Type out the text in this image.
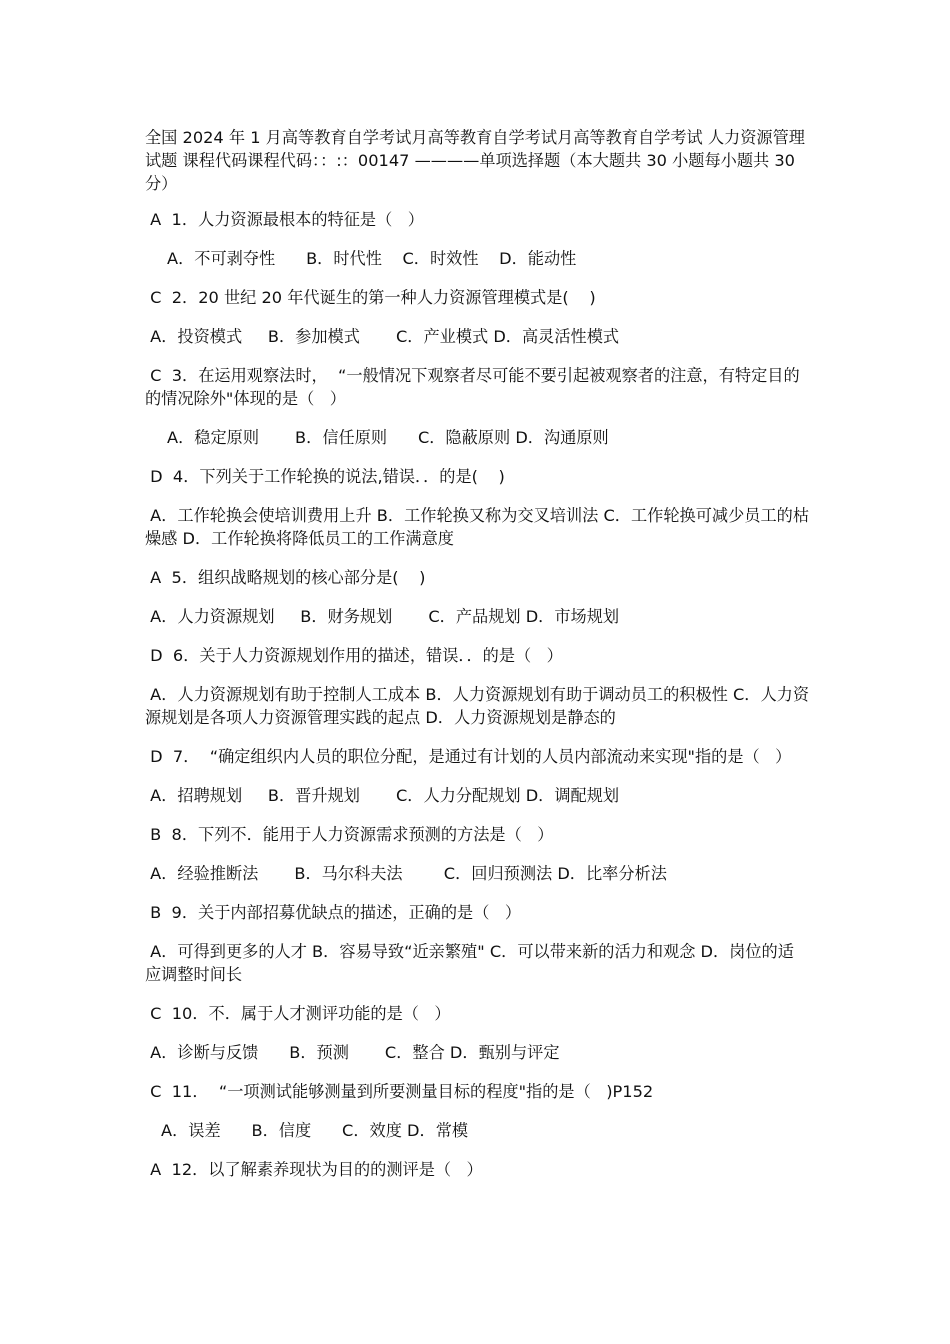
全国 2024 年 1 月高等教育自学考试月高等教育自学考试月高等教育自学考试 人力资源管理试题 课程代码课程代码：：:：00147 ————单项选择题（本大题共 30 小题每小题共 30 分）
A  1．人力资源最根本的特征是（   ）
A．不可剥夺性      B．时代性    C．时效性    D．能动性
C  2．20 世纪 20 年代诞生的第一种人力资源管理模式是(    )
A．投资模式     B．参加模式       C．产业模式 D．高灵活性模式
C  3．在运用观察法时，  “一般情况下观察者尽可能不要引起被观察者的注意，有特定目的的情况除外"体现的是（   ）
A．稳定原则       B．信任原则      C．隐蔽原则 D．沟通原则
D  4．下列关于工作轮换的说法,错误．．的是(    )
A．工作轮换会使培训费用上升 B．工作轮换又称为交叉培训法 C．工作轮换可减少员工的枯燥感 D．工作轮换将降低员工的工作满意度
A  5．组织战略规划的核心部分是(    )
A．人力资源规划     B．财务规划       C．产品规划 D．市场规划
D  6．关于人力资源规划作用的描述，错误．．的是（   ）
A．人力资源规划有助于控制人工成本 B．人力资源规划有助于调动员工的积极性 C．人力资源规划是各项人力资源管理实践的起点 D．人力资源规划是静态的
D  7．  “确定组织内人员的职位分配，是通过有计划的人员内部流动来实现"指的是（   ）
A．招聘规划     B．晋升规划       C．人力分配规划 D．调配规划
B  8．下列不．能用于人力资源需求预测的方法是（   ）
A．经验推断法       B．马尔科夫法        C．回归预测法 D．比率分析法
B  9．关于内部招募优缺点的描述，正确的是（   ）
A．可得到更多的人才 B．容易导致“近亲繁殖" C．可以带来新的活力和观念 D．岗位的适应调整时间长
C  10．不．属于人才测评功能的是（   ）
A．诊断与反馈      B．预测       C．整合 D．甄别与评定
C  11．  “一项测试能够测量到所要测量目标的程度"指的是（   )P152
A．误差      B．信度      C．效度 D．常模
A  12．以了解素养现状为目的的测评是（   ）
